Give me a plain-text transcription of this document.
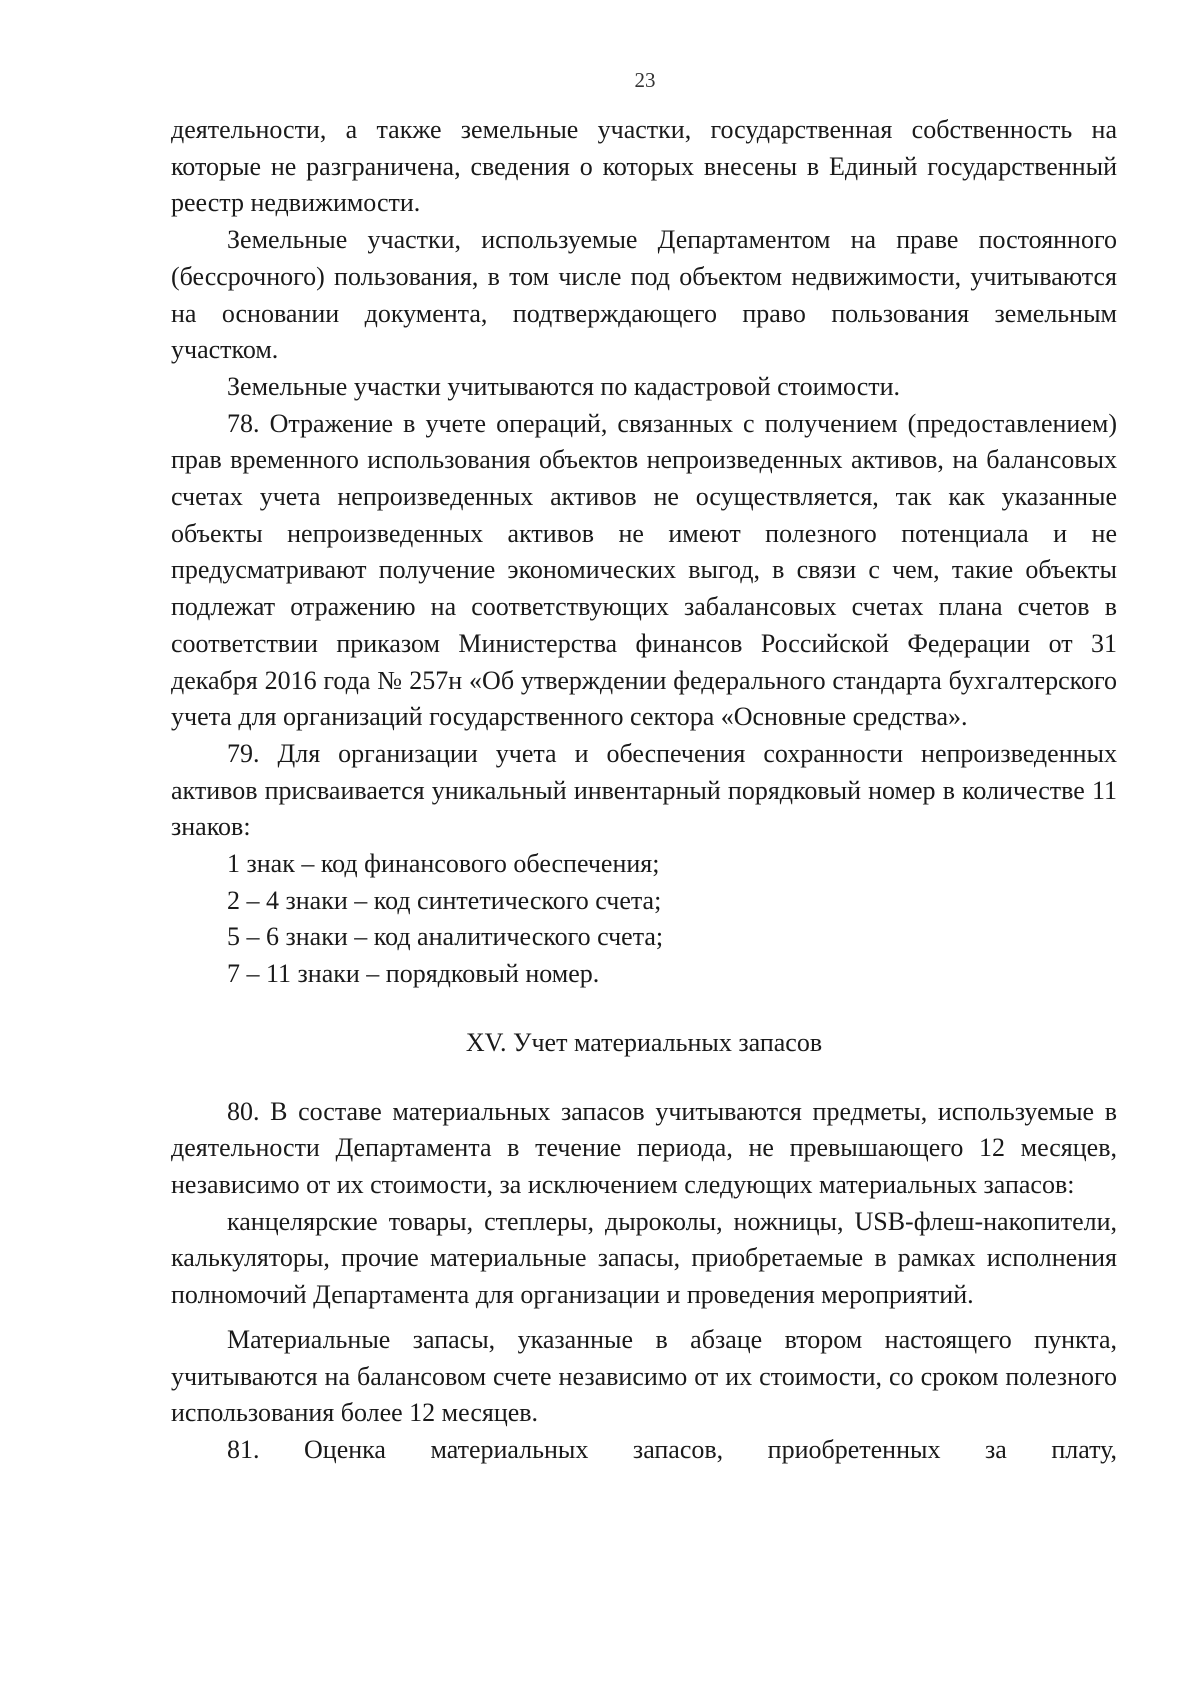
23

деятельности, а также земельные участки, государственная собственность на которые не разграничена, сведения о которых внесены в Единый государственный реестр недвижимости.

Земельные участки, используемые Департаментом на праве постоянного (бессрочного) пользования, в том числе под объектом недвижимости, учитываются на основании документа, подтверждающего право пользования земельным участком.

Земельные участки учитываются по кадастровой стоимости.

78. Отражение в учете операций, связанных с получением (предоставлением) прав временного использования объектов непроизведенных активов, на балансовых счетах учета непроизведенных активов не осуществляется, так как указанные объекты непроизведенных активов не имеют полезного потенциала и не предусматривают получение экономических выгод, в связи с чем, такие объекты подлежат отражению на соответствующих забалансовых счетах плана счетов в соответствии приказом Министерства финансов Российской Федерации от 31 декабря 2016 года № 257н «Об утверждении федерального стандарта бухгалтерского учета для организаций государственного сектора «Основные средства».

79. Для организации учета и обеспечения сохранности непроизведенных активов присваивается уникальный инвентарный порядковый номер в количестве 11 знаков:

1 знак – код финансового обеспечения;

2 – 4 знаки – код синтетического счета;

5 – 6 знаки – код аналитического счета;

7 – 11 знаки – порядковый номер.

XV. Учет материальных запасов

80. В составе материальных запасов учитываются предметы, используемые в деятельности Департамента в течение периода, не превышающего 12 месяцев, независимо от их стоимости, за исключением следующих материальных запасов:

канцелярские товары, степлеры, дыроколы, ножницы, USB-флеш-накопители, калькуляторы, прочие материальные запасы, приобретаемые в рамках исполнения полномочий Департамента для организации и проведения мероприятий.

Материальные запасы, указанные в абзаце втором настоящего пункта, учитываются на балансовом счете независимо от их стоимости, со сроком полезного использования более 12 месяцев.

81. Оценка материальных запасов, приобретенных за плату,
